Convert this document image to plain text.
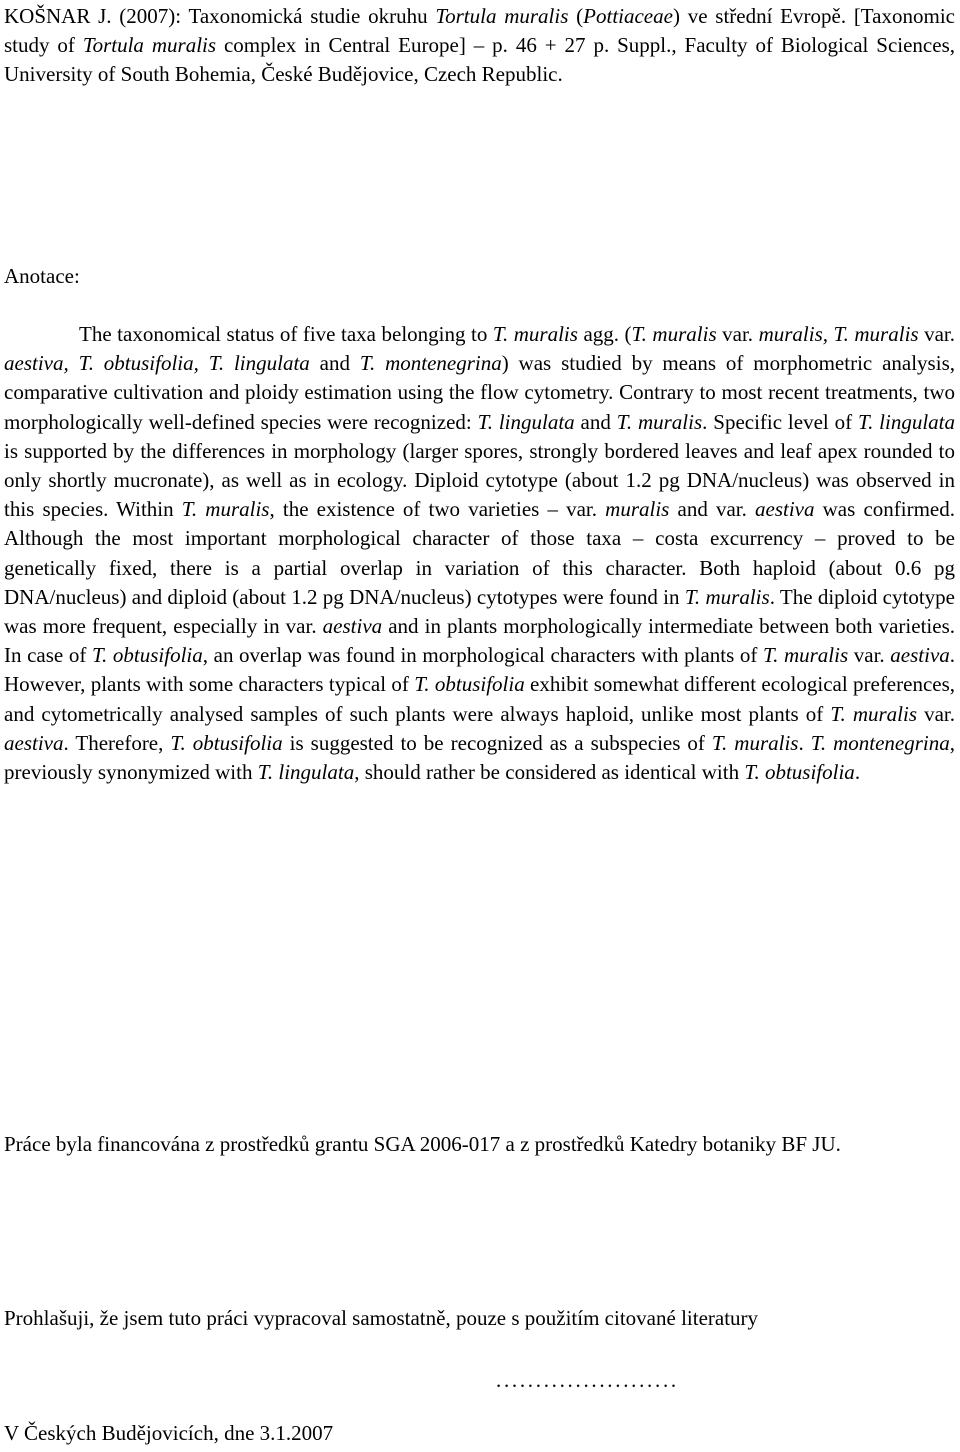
KOŠNAR J. (2007): Taxonomická studie okruhu Tortula muralis (Pottiaceae) ve střední Evropě. [Taxonomic study of Tortula muralis complex in Central Europe] – p. 46 + 27 p. Suppl., Faculty of Biological Sciences, University of South Bohemia, České Budějovice, Czech Republic.

Anotace:

The taxonomical status of five taxa belonging to T. muralis agg. (T. muralis var. muralis, T. muralis var. aestiva, T. obtusifolia, T. lingulata and T. montenegrina) was studied by means of morphometric analysis, comparative cultivation and ploidy estimation using the flow cytometry. Contrary to most recent treatments, two morphologically well-defined species were recognized: T. lingulata and T. muralis. Specific level of T. lingulata is supported by the differences in morphology (larger spores, strongly bordered leaves and leaf apex rounded to only shortly mucronate), as well as in ecology. Diploid cytotype (about 1.2 pg DNA/nucleus) was observed in this species. Within T. muralis, the existence of two varieties – var. muralis and var. aestiva was confirmed. Although the most important morphological character of those taxa – costa excurrency – proved to be genetically fixed, there is a partial overlap in variation of this character. Both haploid (about 0.6 pg DNA/nucleus) and diploid (about 1.2 pg DNA/nucleus) cytotypes were found in T. muralis. The diploid cytotype was more frequent, especially in var. aestiva and in plants morphologically intermediate between both varieties. In case of T. obtusifolia, an overlap was found in morphological characters with plants of T. muralis var. aestiva. However, plants with some characters typical of T. obtusifolia exhibit somewhat different ecological preferences, and cytometrically analysed samples of such plants were always haploid, unlike most plants of T. muralis var. aestiva. Therefore, T. obtusifolia is suggested to be recognized as a subspecies of T. muralis. T. montenegrina, previously synonymized with T. lingulata, should rather be considered as identical with T. obtusifolia.

Práce byla financována z prostředků grantu SGA 2006-017 a z prostředků Katedry botaniky BF JU.

Prohlašuji, že jsem tuto práci vypracoval samostatně, pouze s použitím citované literatury

.......................

V Českých Budějovicích, dne 3.1.2007
